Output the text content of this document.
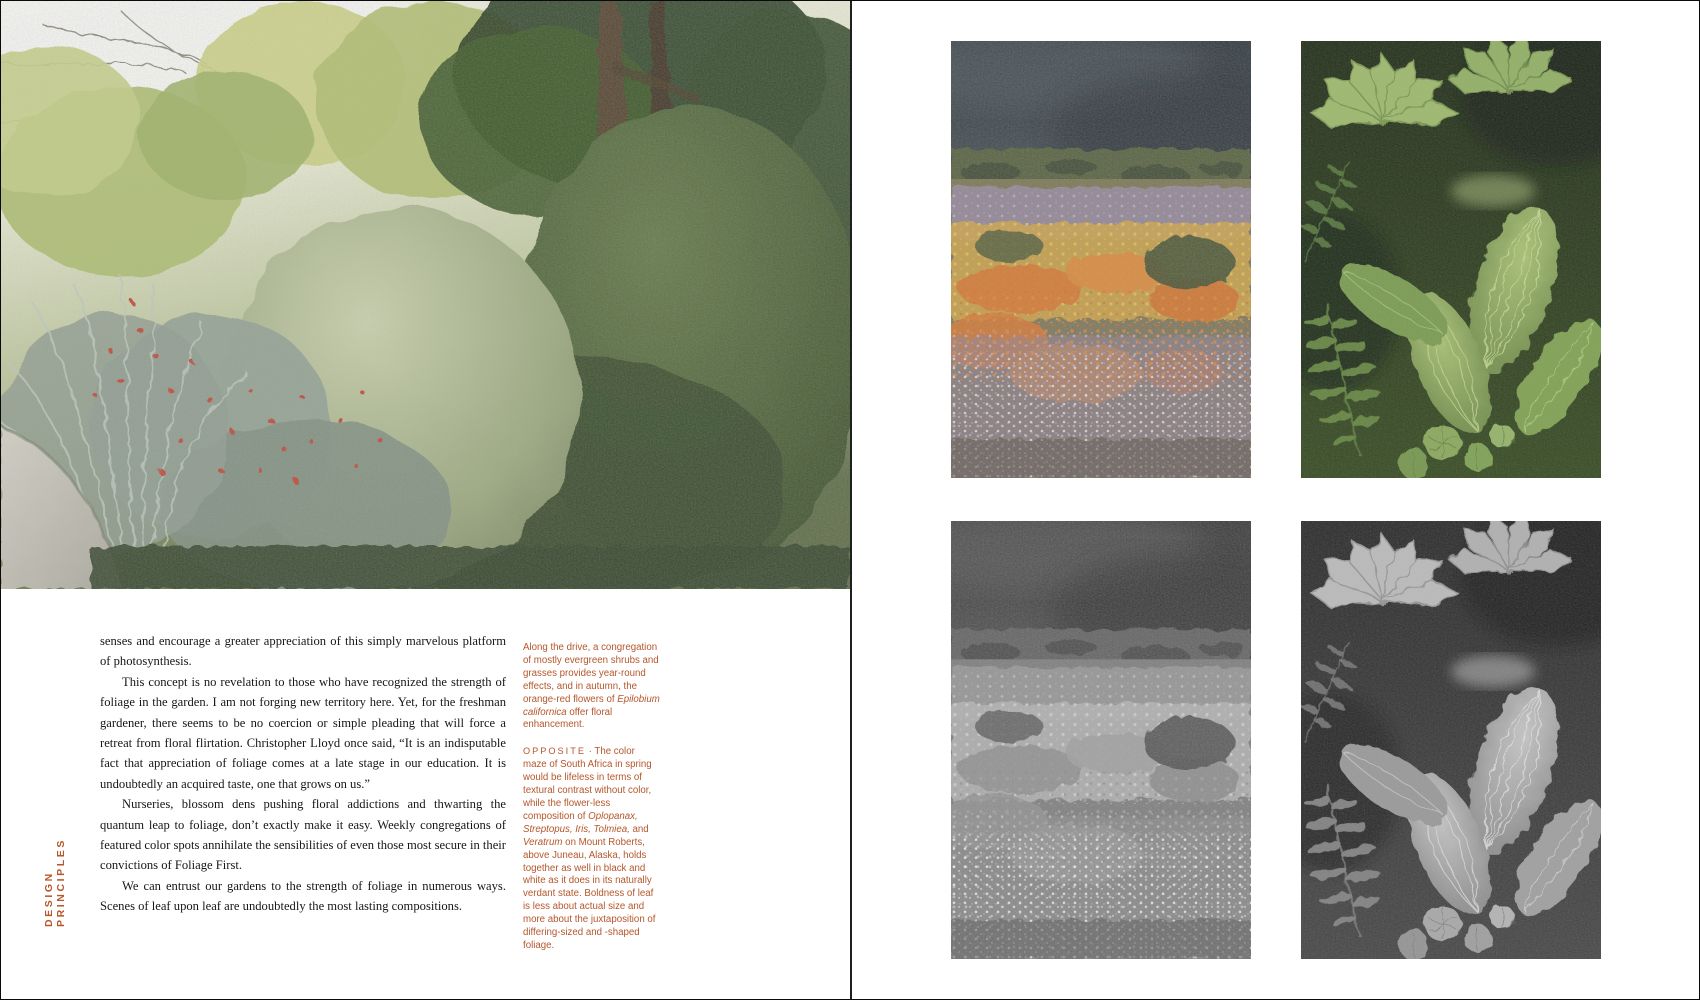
DESIGN PRINCIPLES

senses and encourage a greater appreciation of this simply marvelous platform of photosynthesis.

This concept is no revelation to those who have recognized the strength of foliage in the garden. I am not forging new territory here. Yet, for the freshman gardener, there seems to be no coercion or simple pleading that will force a retreat from floral flirtation. Christopher Lloyd once said, “It is an indisputable fact that appreciation of foliage comes at a late stage in our education. It is undoubtedly an acquired taste, one that grows on us.”

Nurseries, blossom dens pushing floral addictions and thwarting the quantum leap to foliage, don’t exactly make it easy. Weekly congregations of featured color spots annihilate the sensibilities of even those most secure in their convictions of Foliage First.

We can entrust our gardens to the strength of foliage in numerous ways. Scenes of leaf upon leaf are undoubtedly the most lasting compositions.

Along the drive, a congregation of mostly evergreen shrubs and grasses provides year-round effects, and in autumn, the orange-red flowers of Epilobium californica offer floral enhancement.

OPPOSITE · The color maze of South Africa in spring would be lifeless in terms of textural contrast without color, while the flower-less composition of Oplopanax, Streptopus, Iris, Tolmiea, and Veratrum on Mount Roberts, above Juneau, Alaska, holds together as well in black and white as it does in its naturally verdant state. Boldness of leaf is less about actual size and more about the juxtaposition of differing-sized and -shaped foliage.
